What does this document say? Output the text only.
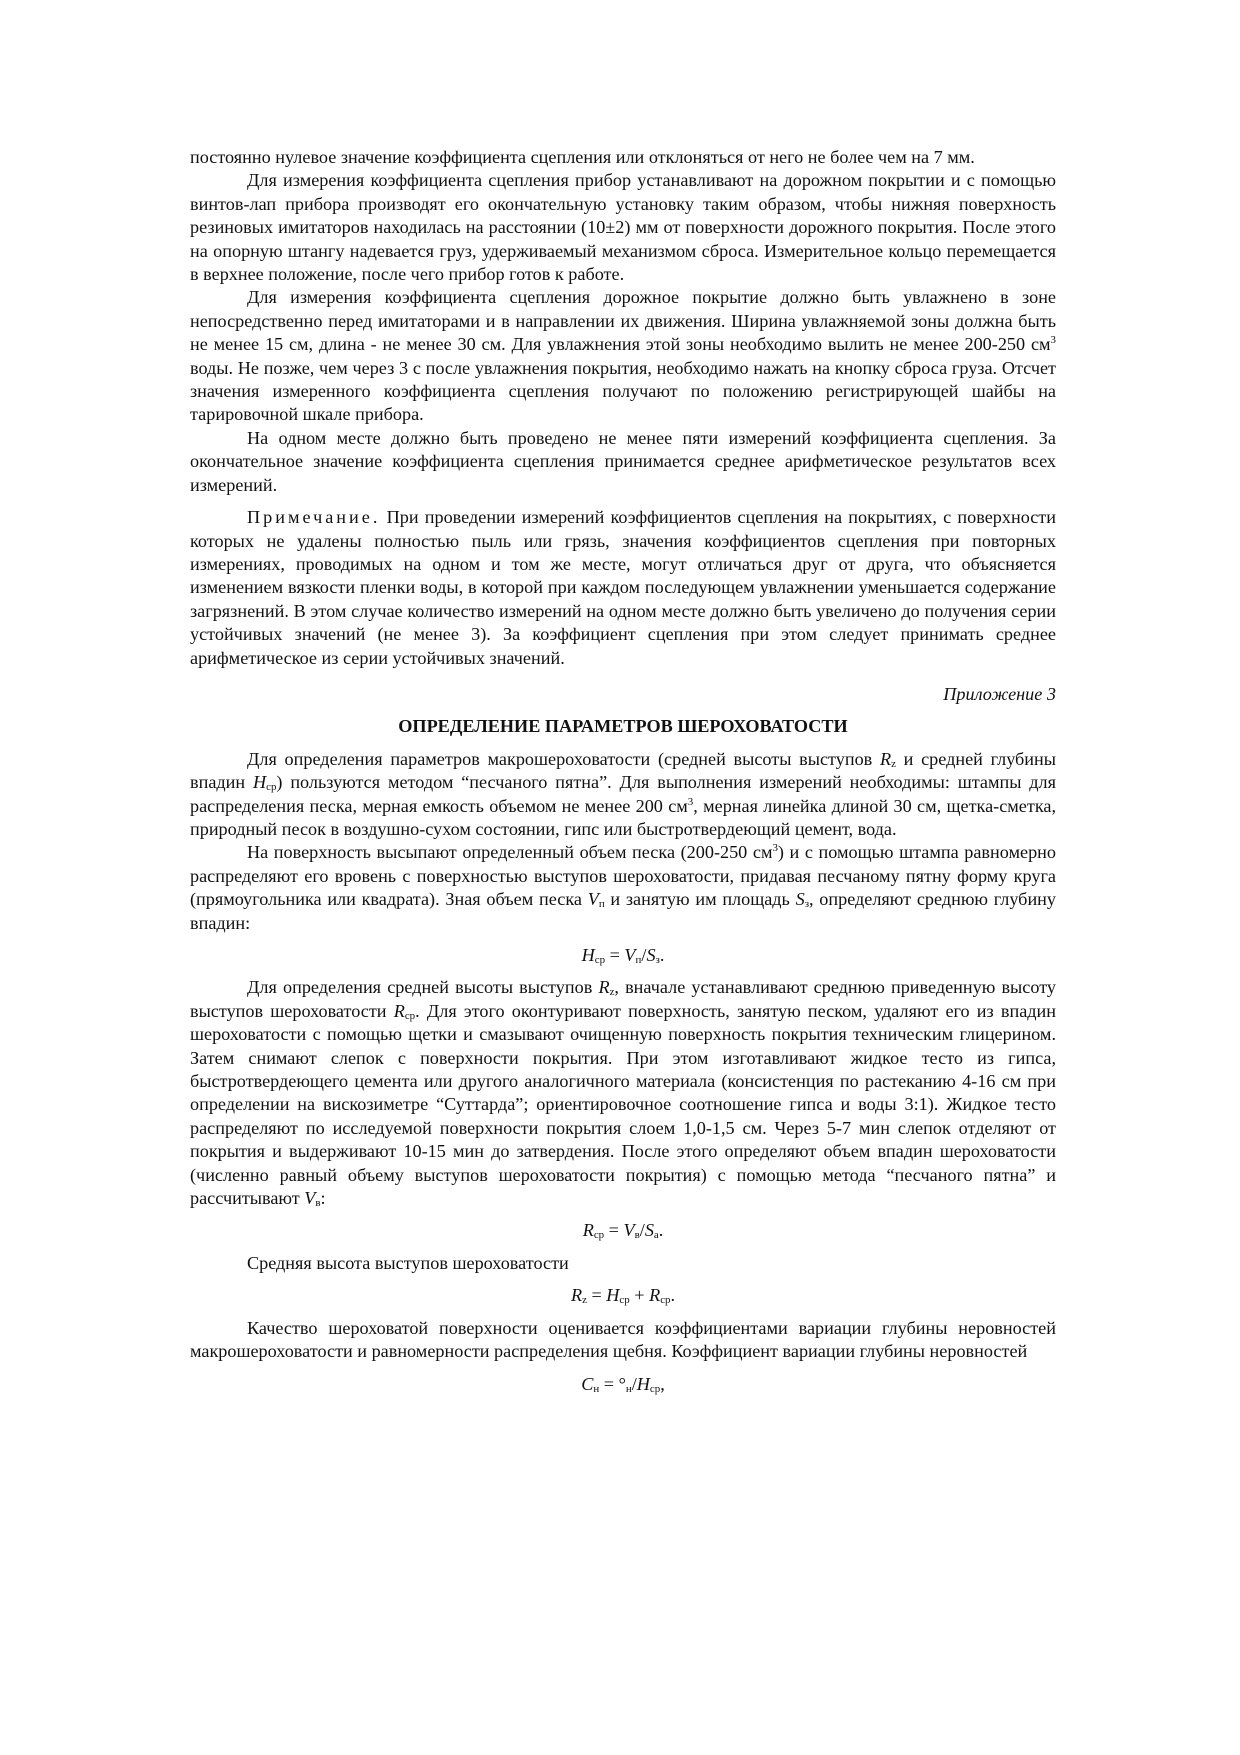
постоянно нулевое значение коэффициента сцепления или отклоняться от него не более чем на 7 мм.

Для измерения коэффициента сцепления прибор устанавливают на дорожном покрытии и с помощью винтов-лап прибора производят его окончательную установку таким образом, чтобы нижняя поверхность резиновых имитаторов находилась на расстоянии (10±2) мм от поверхности дорожного покрытия. После этого на опорную штангу надевается груз, удерживаемый механизмом сброса. Измерительное кольцо перемещается в верхнее положение, после чего прибор готов к работе.

Для измерения коэффициента сцепления дорожное покрытие должно быть увлажнено в зоне непосредственно перед имитаторами и в направлении их движения. Ширина увлажняемой зоны должна быть не менее 15 см, длина - не менее 30 см. Для увлажнения этой зоны необходимо вылить не менее 200-250 $см^3$ воды. Не позже, чем через 3 с после увлажнения покрытия, необходимо нажать на кнопку сброса груза. Отсчет значения измеренного коэффициента сцепления получают по положению регистрирующей шайбы на тарировочной шкале прибора.

На одном месте должно быть проведено не менее пяти измерений коэффициента сцепления. За окончательное значение коэффициента сцепления принимается среднее арифметическое результатов всех измерений.

Примечание. При проведении измерений коэффициентов сцепления на покрытиях, с поверхности которых не удалены полностью пыль или грязь, значения коэффициентов сцепления при повторных измерениях, проводимых на одном и том же месте, могут отличаться друг от друга, что объясняется изменением вязкости пленки воды, в которой при каждом последующем увлажнении уменьшается содержание загрязнений. В этом случае количество измерений на одном месте должно быть увеличено до получения серии устойчивых значений (не менее 3). За коэффициент сцепления при этом следует принимать среднее арифметическое из серии устойчивых значений.

Приложение 3

ОПРЕДЕЛЕНИЕ ПАРАМЕТРОВ ШЕРОХОВАТОСТИ

Для определения параметров макрошероховатости (средней высоты выступов $R_z$ и средней глубины впадин $H_{ср}$) пользуются методом “песчаного пятна”. Для выполнения измерений необходимы: штампы для распределения песка, мерная емкость объемом не менее 200 $см^3$, мерная линейка длиной 30 см, щетка-сметка, природный песок в воздушно-сухом состоянии, гипс или быстротвердеющий цемент, вода.

На поверхность высыпают определенный объем песка (200-250 $см^3$) и с помощью штампа равномерно распределяют его вровень с поверхностью выступов шероховатости, придавая песчаному пятну форму круга (прямоугольника или квадрата). Зная объем песка $V_п$ и занятую им площадь $S_з$, определяют среднюю глубину впадин:

$H_{ср} = V_п/S_з$.

Для определения средней высоты выступов $R_z$, вначале устанавливают среднюю приведенную высоту выступов шероховатости $R_{ср}$. Для этого оконтуривают поверхность, занятую песком, удаляют его из впадин шероховатости с помощью щетки и смазывают очищенную поверхность покрытия техническим глицерином. Затем снимают слепок с поверхности покрытия. При этом изготавливают жидкое тесто из гипса, быстротвердеющего цемента или другого аналогичного материала (консистенция по растеканию 4-16 см при определении на вискозиметре “Суттарда”; ориентировочное соотношение гипса и воды 3:1). Жидкое тесто распределяют по исследуемой поверхности покрытия слоем 1,0-1,5 см. Через 5-7 мин слепок отделяют от покрытия и выдерживают 10-15 мин до затвердения. После этого определяют объем впадин шероховатости (численно равный объему выступов шероховатости покрытия) с помощью метода “песчаного пятна” и рассчитывают $V_в$:

$R_{ср} = V_в/S_а$.

Средняя высота выступов шероховатости

$R_z = H_{ср} + R_{ср}$.

Качество шероховатой поверхности оценивается коэффициентами вариации глубины неровностей макрошероховатости и равномерности распределения щебня. Коэффициент вариации глубины неровностей

$C_н = ^\circ_н/H_{ср}$,
